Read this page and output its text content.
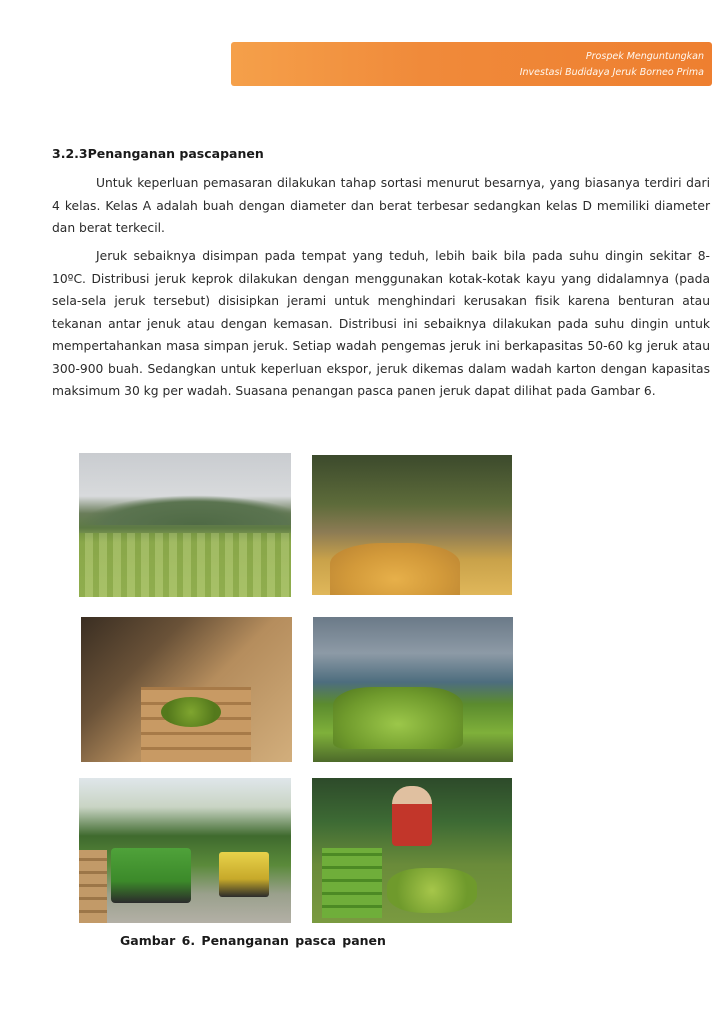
Prospek Menguntungkan
Investasi Budidaya Jeruk Borneo Prima
3.2.3Penanganan pascapanen

Untuk keperluan pemasaran dilakukan tahap sortasi menurut besarnya, yang biasanya terdiri dari 4 kelas. Kelas A adalah buah dengan diameter dan berat terbesar sedangkan kelas D memiliki diameter dan berat terkecil.

Jeruk sebaiknya disimpan pada tempat yang teduh, lebih baik bila pada suhu dingin sekitar 8-10ºC. Distribusi jeruk keprok dilakukan dengan menggunakan kotak-kotak kayu yang didalamnya (pada sela-sela jeruk tersebut) disisipkan jerami untuk menghindari kerusakan fisik karena benturan atau tekanan antar jenuk atau dengan kemasan. Distribusi ini sebaiknya dilakukan pada suhu dingin untuk mempertahankan masa simpan jeruk. Setiap wadah pengemas jeruk ini berkapasitas 50-60 kg jeruk atau 300-900 buah. Sedangkan untuk keperluan ekspor, jeruk dikemas dalam wadah karton dengan kapasitas maksimum 30 kg per wadah. Suasana penangan pasca panen jeruk dapat dilihat pada Gambar 6.

Gambar 6. Penanganan pasca panen
